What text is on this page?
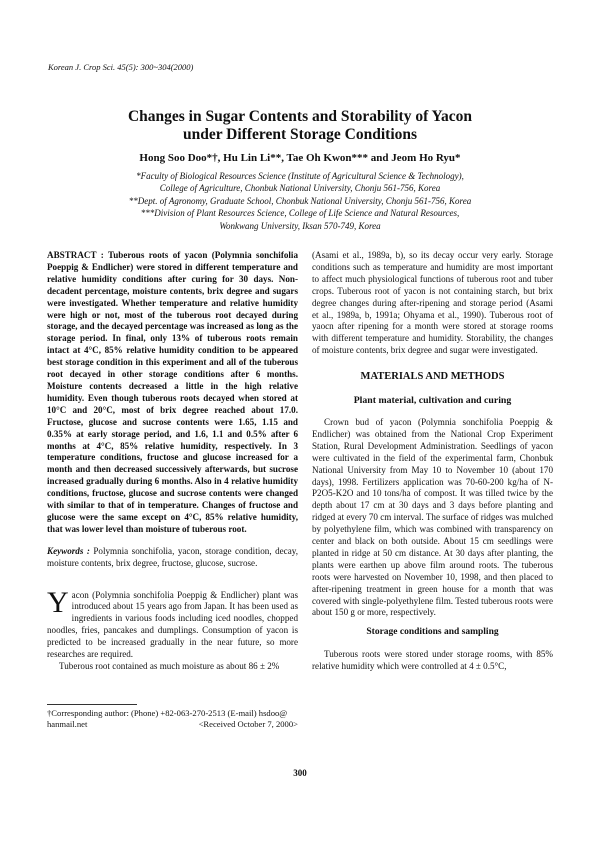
Korean J. Crop Sci. 45(5): 300~304(2000)
Changes in Sugar Contents and Storability of Yacon
under Different Storage Conditions
Hong Soo Doo*†, Hu Lin Li**, Tae Oh Kwon*** and Jeom Ho Ryu*
*Faculty of Biological Resources Science (Institute of Agricultural Science & Technology),
College of Agriculture, Chonbuk National University, Chonju 561-756, Korea
**Dept. of Agronomy, Graduate School, Chonbuk National University, Chonju 561-756, Korea
***Division of Plant Resources Science, College of Life Science and Natural Resources,
Wonkwang University, Iksan 570-749, Korea
ABSTRACT : Tuberous roots of yacon (Polymnia sonchifolia Poeppig & Endlicher) were stored in different temperature and relative humidity conditions after curing for 30 days. Non-decadent percentage, moisture contents, brix degree and sugars were investigated. Whether temperature and relative humidity were high or not, most of the tuberous root decayed during storage, and the decayed percentage was increased as long as the storage period. In final, only 13% of tuberous roots remain intact at 4°C, 85% relative humidity condition to be appeared best storage condition in this experiment and all of the tuberous root decayed in other storage conditions after 6 months. Moisture contents decreased a little in the high relative humidity. Even though tuberous roots decayed when stored at 10°C and 20°C, most of brix degree reached about 17.0. Fructose, glucose and sucrose contents were 1.65, 1.15 and 0.35% at early storage period, and 1.6, 1.1 and 0.5% after 6 months at 4°C, 85% relative humidity, respectively. In 3 temperature conditions, fructose and glucose increased for a month and then decreased successively afterwards, but sucrose increased gradually during 6 months. Also in 4 relative humidity conditions, fructose, glucose and sucrose contents were changed with similar to that of in temperature. Changes of fructose and glucose were the same except on 4°C, 85% relative humidity, that was lower level than moisture of tuberous root.
Keywords : Polymnia sonchifolia, yacon, storage condition, decay, moisture contents, brix degree, fructose, glucose, sucrose.

Yacon (Polymnia sonchifolia Poeppig & Endlicher) plant was introduced about 15 years ago from Japan. It has been used as ingredients in various foods including iced noodles, chopped noodles, fries, pancakes and dumplings. Consumption of yacon is predicted to be increased gradually in the near future, so more researches are required.

Tuberous root contained as much moisture as about 86 ± 2%

(Asami et al., 1989a, b), so its decay occur very early. Storage conditions such as temperature and humidity are most important to affect much physiological functions of tuberous root and tuber crops. Tuberous root of yacon is not containing starch, but brix degree changes during after-ripening and storage period (Asami et al., 1989a, b, 1991a; Ohyama et al., 1990). Tuberous root of yaocn after ripening for a month were stored at storage rooms with different temperature and humidity. Storability, the changes of moisture contents, brix degree and sugar were investigated.

MATERIALS AND METHODS
Plant material, cultivation and curing

Crown bud of yacon (Polymnia sonchifolia Poeppig & Endlicher) was obtained from the National Crop Experiment Station, Rural Development Administration. Seedlings of yacon were cultivated in the field of the experimental farm, Chonbuk National University from May 10 to November 10 (about 170 days), 1998. Fertilizers application was 70-60-200 kg/ha of N-P2O5-K2O and 10 tons/ha of compost. It was tilled twice by the depth about 17 cm at 30 days and 3 days before planting and ridged at every 70 cm interval. The surface of ridges was mulched by polyethylene film, which was combined with transparency on center and black on both outside. About 15 cm seedlings were planted in ridge at 50 cm distance. At 30 days after planting, the plants were earthen up above film around roots. The tuberous roots were harvested on November 10, 1998, and then placed to after-ripening treatment in green house for a month that was covered with single-polyethylene film. Tested tuberous roots were about 150 g or more, respectively.

Storage conditions and sampling

Tuberous roots were stored under storage rooms, with 85% relative humidity which were controlled at 4 ± 0.5°C,

†Corresponding author: (Phone) +82-063-270-2513 (E-mail) hsdoo@
hanmail.net	<Received October 7, 2000>
300
